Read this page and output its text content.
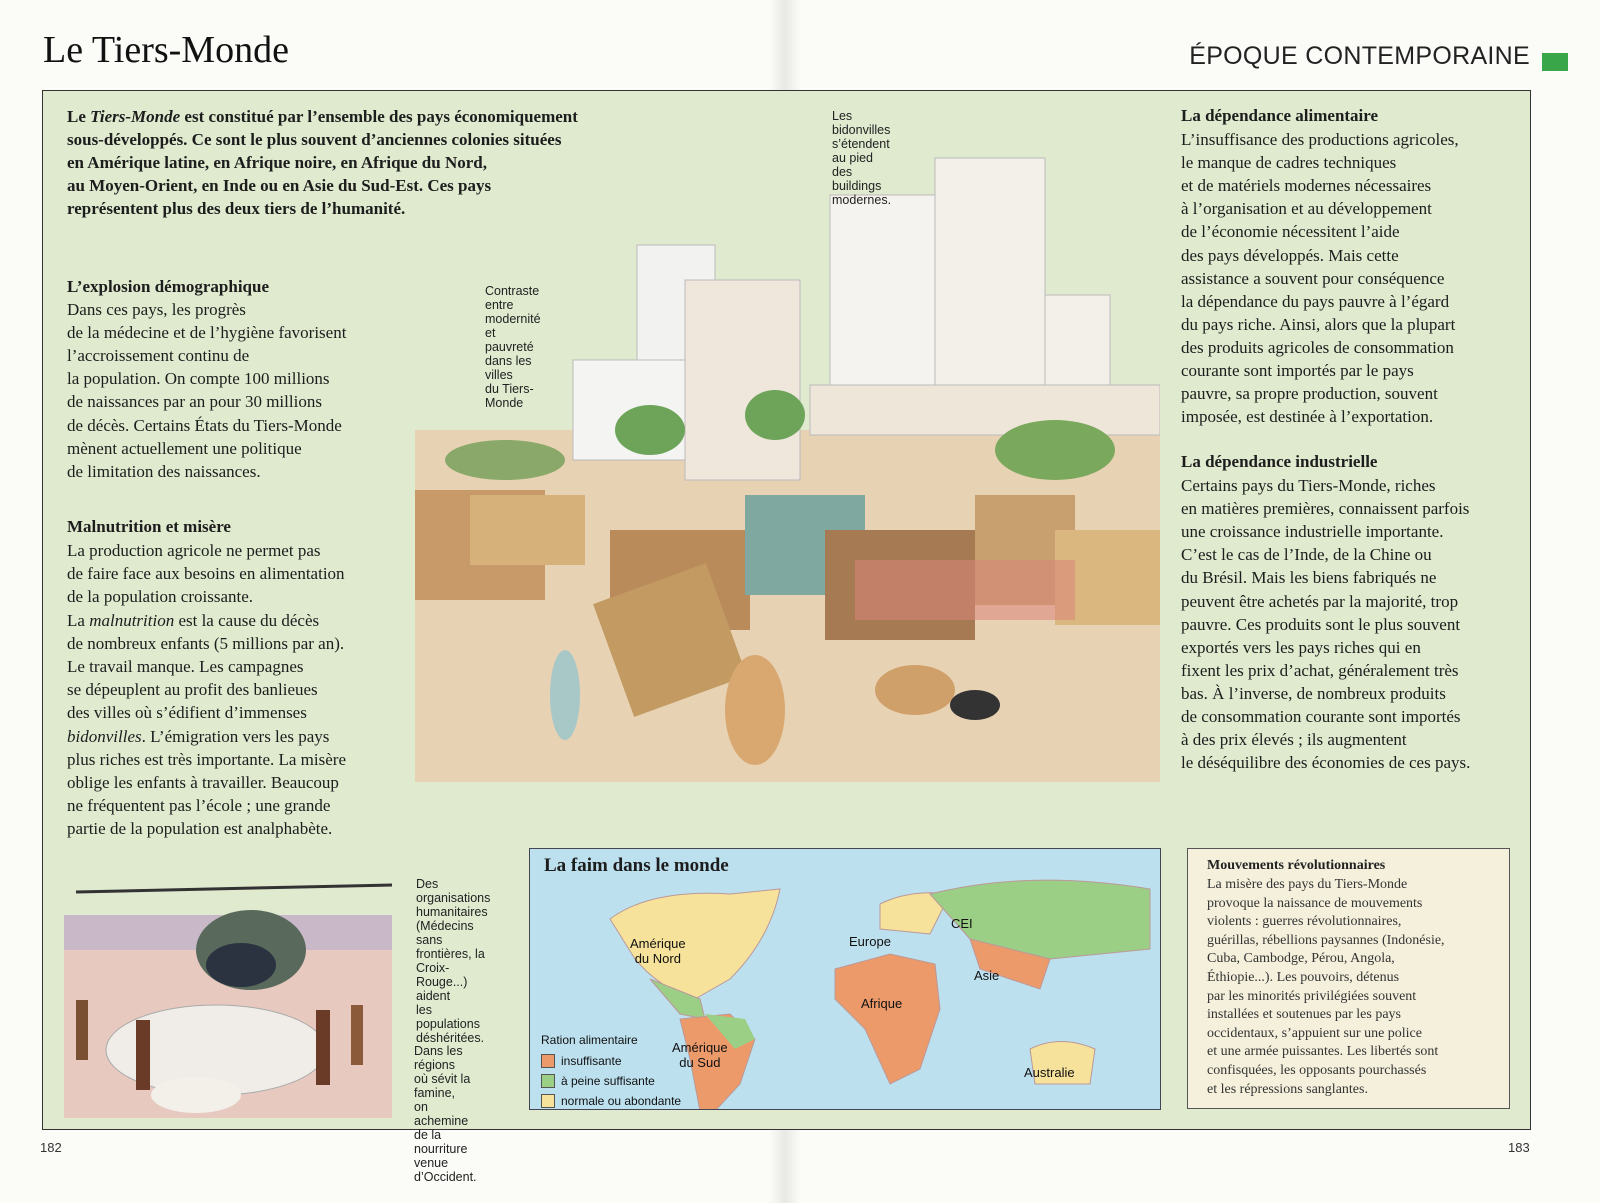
Le Tiers-Monde	ÉPOQUE CONTEMPORAINE
La faim dans le monde
Amérique
du Nord
Amérique
du Sud
Europe
CEI
Asie
Afrique
Australie
Ration alimentaire
insuffisante
à peine suffisante
normale ou abondante
Mouvements révolutionnaires
La misère des pays du Tiers-Monde
provoque la naissance de mouvements
violents : guerres révolutionnaires,
guérillas, rébellions paysannes (Indonésie,
Cuba, Cambodge, Pérou, Angola,
Éthiopie...). Les pouvoirs, détenus
par les minorités privilégiées souvent
installées et soutenues par les pays
occidentaux, s’appuient sur une police
et une armée puissantes. Les libertés sont
confisquées, les opposants pourchassés
et les répressions sanglantes.
Le Tiers-Monde est constitué par l’ensemble des pays économiquement
sous-développés. Ce sont le plus souvent d’anciennes colonies situées
en Amérique latine, en Afrique noire, en Afrique du Nord,
au Moyen-Orient, en Inde ou en Asie du Sud-Est. Ces pays
représentent plus des deux tiers de l’humanité.
L’explosion démographique
Dans ces pays, les progrès
de la médecine et de l’hygiène favorisent
l’accroissement continu de
la population. On compte 100 millions
de naissances par an pour 30 millions
de décès. Certains États du Tiers-Monde
mènent actuellement une politique
de limitation des naissances.
Malnutrition et misère
La production agricole ne permet pas
de faire face aux besoins en alimentation
de la population croissante.
La malnutrition est la cause du décès
de nombreux enfants (5 millions par an).
Le travail manque. Les campagnes
se dépeuplent au profit des banlieues
des villes où s’édifient d’immenses
bidonvilles. L’émigration vers les pays
plus riches est très importante. La misère
oblige les enfants à travailler. Beaucoup
ne fréquentent pas l’école ; une grande
partie de la population est analphabète.
La dépendance alimentaire
L’insuffisance des productions agricoles,
le manque de cadres techniques
et de matériels modernes nécessaires
à l’organisation et au développement
de l’économie nécessitent l’aide
des pays développés. Mais cette
assistance a souvent pour conséquence
la dépendance du pays pauvre à l’égard
du pays riche. Ainsi, alors que la plupart
des produits agricoles de consommation
courante sont importés par le pays
pauvre, sa propre production, souvent
imposée, est destinée à l’exportation.
La dépendance industrielle
Certains pays du Tiers-Monde, riches
en matières premières, connaissent parfois
une croissance industrielle importante.
C’est le cas de l’Inde, de la Chine ou
du Brésil. Mais les biens fabriqués ne
peuvent être achetés par la majorité, trop
pauvre. Ces produits sont le plus souvent
exportés vers les pays riches qui en
fixent les prix d’achat, généralement très
bas. À l’inverse, de nombreux produits
de consommation courante sont importés
à des prix élevés ; ils augmentent
le déséquilibre des économies de ces pays.
Les bidonvilles s’étendent
au pied des buildings
modernes.
Contraste entre
modernité
et pauvreté
dans les villes
du Tiers-Monde
Des organisations
humanitaires
(Médecins sans
frontières, la Croix-
Rouge...) aident
les populations
déshéritées.
Dans les régions
où sévit la famine,
on achemine
de la nourriture
venue d’Occident.
182	183
